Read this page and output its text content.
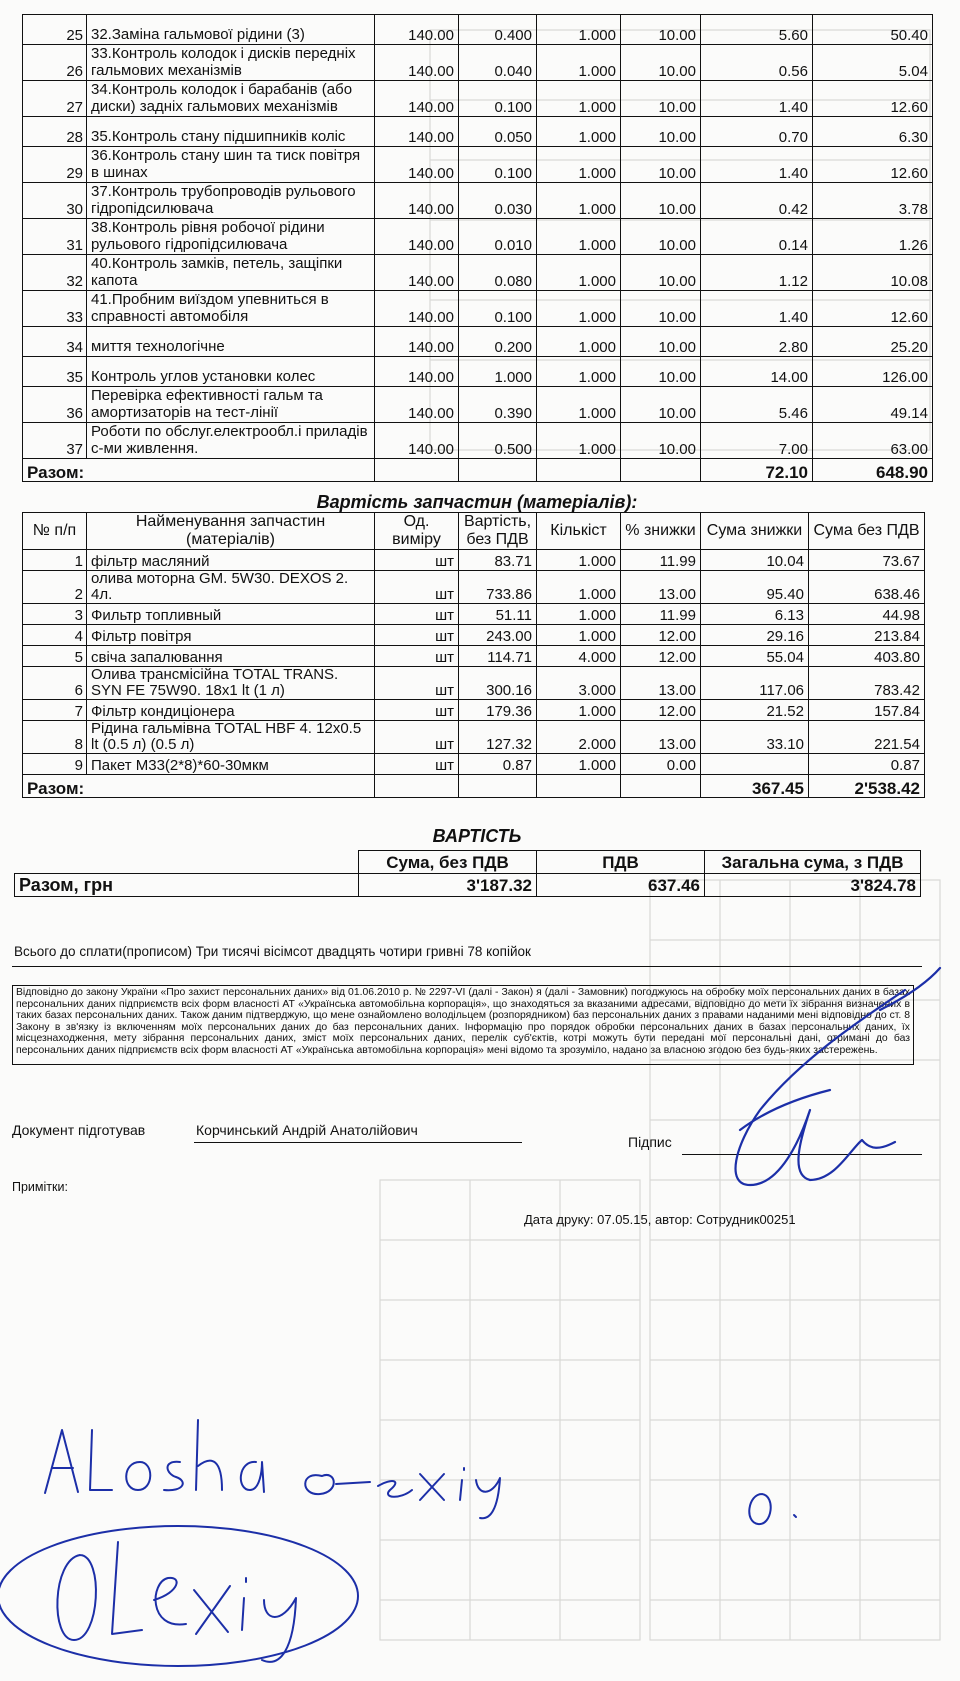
25	32.Заміна гальмової рідини (3)	140.00	0.400	1.000	10.00	5.60	50.40
26	33.Контроль колодок і дисків передніх гальмових механізмів	140.00	0.040	1.000	10.00	0.56	5.04
27	34.Контроль колодок і барабанів (або диски) задніх гальмових механізмів	140.00	0.100	1.000	10.00	1.40	12.60
28	35.Контроль стану підшипників коліс	140.00	0.050	1.000	10.00	0.70	6.30
29	36.Контроль стану шин та тиск повітря в шинах	140.00	0.100	1.000	10.00	1.40	12.60
30	37.Контроль трубопроводів рульового гідропідсилювача	140.00	0.030	1.000	10.00	0.42	3.78
31	38.Контроль рівня робочої рідини рульового гідропідсилювача	140.00	0.010	1.000	10.00	0.14	1.26
32	40.Контроль замків, петель, защіпки капота	140.00	0.080	1.000	10.00	1.12	10.08
33	41.Пробним виїздом упевниться в справності автомобіля	140.00	0.100	1.000	10.00	1.40	12.60
34	миття технологічне	140.00	0.200	1.000	10.00	2.80	25.20
35	Контроль углов установки колес	140.00	1.000	1.000	10.00	14.00	126.00
36	Перевірка ефективності гальм та амортизаторів на тест-лінії	140.00	0.390	1.000	10.00	5.46	49.14
37	Роботи по обслуг.електрообл.і приладів с-ми живлення.	140.00	0.500	1.000	10.00	7.00	63.00
Разом:						72.10	648.90
Вартість запчастин (матеріалів):
№ п/п	Найменування запчастин (матеріалів)	Од. виміру	Вартість, без ПДВ	Кількіст	% знижки	Сума знижки	Сума без ПДВ
1	фільтр масляний	шт	83.71	1.000	11.99	10.04	73.67
2	олива моторна GM. 5W30. DEXOS 2. 4л.	шт	733.86	1.000	13.00	95.40	638.46
3	Фильтр топливный	шт	51.11	1.000	11.99	6.13	44.98
4	Фільтр повітря	шт	243.00	1.000	12.00	29.16	213.84
5	свіча запалювання	шт	114.71	4.000	12.00	55.04	403.80
6	Олива трансмісійна TOTAL TRANS. SYN FE 75W90. 18x1 lt (1 л)	шт	300.16	3.000	13.00	117.06	783.42
7	Фільтр кондиціонера	шт	179.36	1.000	12.00	21.52	157.84
8	Рідина гальмівна TOTAL HBF 4. 12x0.5 lt (0.5 л) (0.5 л)	шт	127.32	2.000	13.00	33.10	221.54
9	Пакет М33(2*8)*60-30мкм	шт	0.87	1.000	0.00		0.87
Разом:						367.45	2'538.42
ВАРТІСТЬ
	Сума, без ПДВ	ПДВ	Загальна сума, з ПДВ
Разом, грн	3'187.32	637.46	3'824.78
Всього до сплати(прописом) Три тисячі вісімсот двадцять чотири гривні 78 копійок
Відповідно до закону України «Про захист персональних даних» від 01.06.2010 р. № 2297-VI (далі - Закон) я (далі - Замовник) погоджуюсь на обробку моїх персональних даних в базах персональних даних підприємств всіх форм власності АТ «Українська автомобільна корпорація», що знаходяться за вказаними адресами, відповідно до мети їх зібрання визначених в таких базах персональних даних. Також даним підтверджую, що мене ознайомлено володільцем (розпорядником) баз персональних даних з правами наданими мені відповідно до ст. 8 Закону в зв'язку із включенням моїх персональних даних до баз персональних даних. Інформацію про порядок обробки персональних даних в базах персональних даних, їх місцезнаходження, мету зібрання персональних даних, зміст моїх персональних даних, перелік суб'єктів, котрі можуть бути передані мої персональні дані, отримані до баз персональних даних підприємств всіх форм власності АТ «Українська автомобільна корпорація» мені відомо та зрозуміло, надано за власною згодою без будь-яких застережень.
Документ підготував	Корчинський Андрій Анатолійович
Підпис
Примітки:
Дата друку: 07.05.15, автор: Сотрудник00251
